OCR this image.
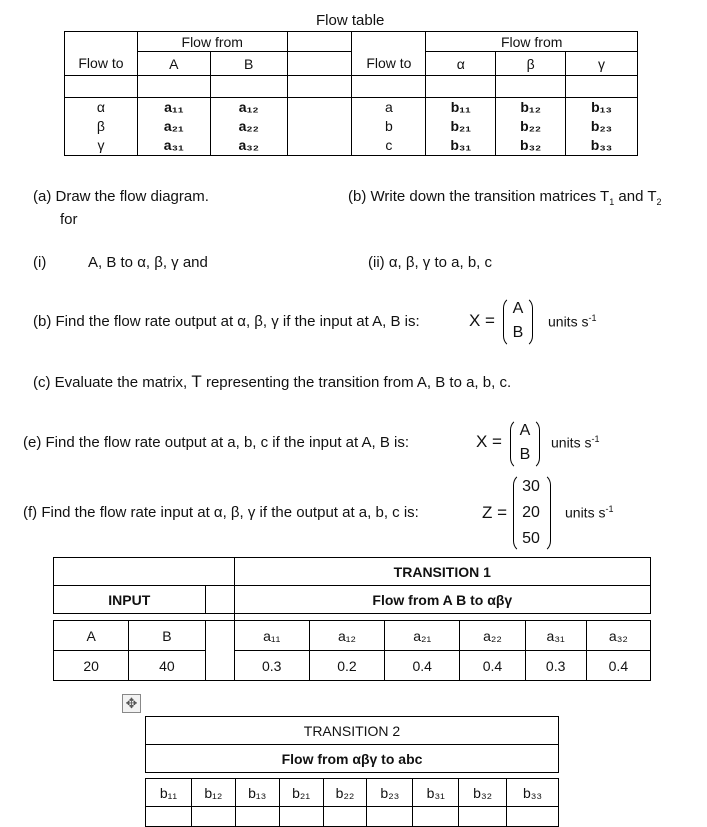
Flow table
	Flow from				Flow from		
Flow to	A	B		Flow to	α	β	γ

α	a₁₁	a₁₂		a	b₁₁	b₁₂	b₁₃
β	a₂₁	a₂₂		b	b₂₁	b₂₂	b₂₃
γ	a₃₁	a₃₂		c	b₃₁	b₃₂	b₃₃
(a) Draw the flow diagram.
for
(b) Write down the transition matrices $T_1$ and $T_2$
(i)	A, B to α, β, γ and	(ii) α, β, γ to a, b, c
(b) Find the flow rate output at α, β, γ if the input at A, B is:	X =
A
B
units $s^{-1}$
(c) Evaluate the matrix, T representing the transition from A, B to a, b, c.
(e) Find the flow rate output at a, b, c if the input at A, B is:	X =
A
B
units $s^{-1}$
(f) Find the flow rate input at α, β, γ if the output at a, b, c is:	Z =
30
20
50
units $s^{-1}$
			TRANSITION 1					
INPUT			Flow from A B to αβγ					

A	B		a₁₁	a₁₂	a₂₁	a₂₂	a₃₁	a₃₂
20	40		0.3	0.2	0.4	0.4	0.3	0.4
✥
TRANSITION 2								
Flow from αβγ to abc								

b₁₁	b₁₂	b₁₃	b₂₁	b₂₂	b₂₃	b₃₁	b₃₂	b₃₃
